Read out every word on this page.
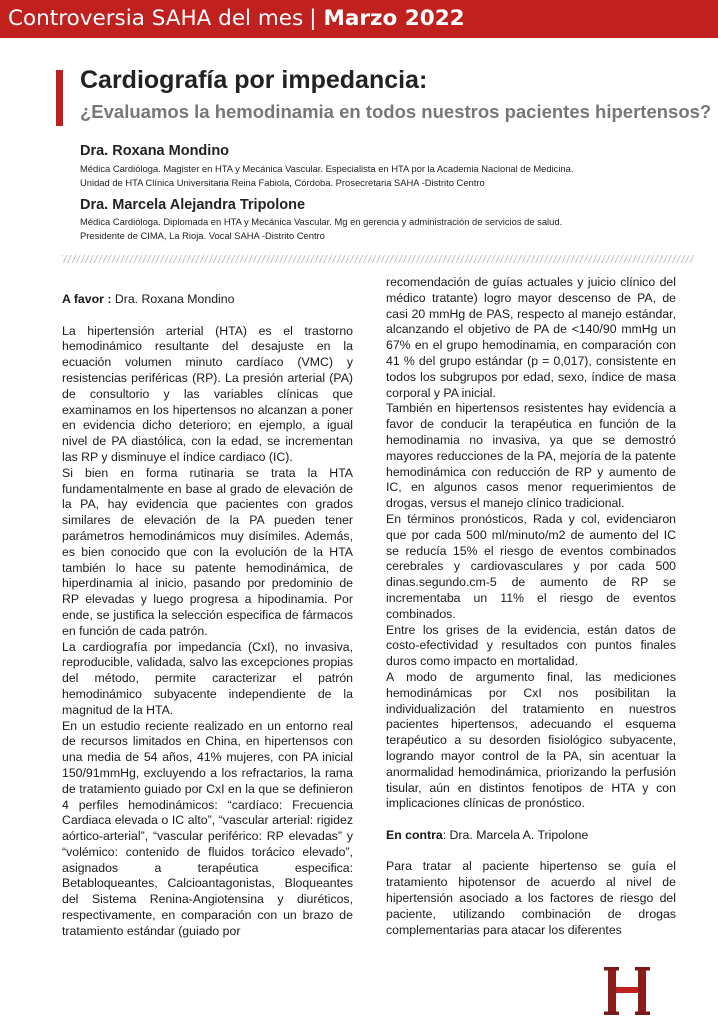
Controversia SAHA del mes | Marzo 2022
Cardiografía por impedancia:
¿Evaluamos la hemodinamia en todos nuestros pacientes hipertensos?
Dra. Roxana Mondino
Médica Cardióloga. Magister en HTA y Mecánica Vascular. Especialista en HTA por la Academia Nacional de Medicina.
Unidad de HTA Clínica Universitaria Reina Fabiola, Córdoba. Prosecretaria SAHA -Distrito Centro
Dra. Marcela Alejandra Tripolone
Médica Cardióloga. Diplomada en HTA y Mecánica Vascular. Mg en gerencia y administración de servicios de salud.
Presidente de CIMA, La Rioja. Vocal SAHA -Distrito Centro

A favor : Dra. Roxana Mondino

La hipertensión arterial (HTA) es el trastorno hemodinámico resultante del desajuste en la ecuación volumen minuto cardíaco (VMC) y resistencias periféricas (RP). La presión arterial (PA) de consultorio y las variables clínicas que examinamos en los hipertensos no alcanzan a poner en evidencia dicho deterioro; en ejemplo, a igual nivel de PA diastólica, con la edad, se incrementan las RP y disminuye el índice cardiaco (IC).

Si bien en forma rutinaria se trata la HTA fundamentalmente en base al grado de elevación de la PA, hay evidencia que pacientes con grados similares de elevación de la PA pueden tener parámetros hemodinámicos muy disímiles. Además, es bien conocido que con la evolución de la HTA también lo hace su patente hemodinámica, de hiperdinamia al inicio, pasando por predominio de RP elevadas y luego progresa a hipodinamia. Por ende, se justifica la selección especifica de fármacos en función de cada patrón.

La cardiografía por impedancia (CxI), no invasiva, reproducible, validada, salvo las excepciones propias del método, permite caracterizar el patrón hemodinámico subyacente independiente de la magnitud de la HTA.

En un estudio reciente realizado en un entorno real de recursos limitados en China, en hipertensos con una media de 54 años, 41% mujeres, con PA inicial 150/91mmHg, excluyendo a los refractarios, la rama de tratamiento guiado por CxI en la que se definieron 4 perfiles hemodinámicos: “cardíaco: Frecuencia Cardiaca elevada o IC alto”, “vascular arterial: rigidez aórtico-arterial”, “vascular periférico: RP elevadas” y “volémico: contenido de fluidos torácico elevado”, asignados a terapéutica especifica: Betabloqueantes, Calcioantagonistas, Bloqueantes del Sistema Renina-Angiotensina y diuréticos, respectivamente, en comparación con un brazo de tratamiento estándar (guiado por

recomendación de guías actuales y juicio clínico del médico tratante) logro mayor descenso de PA, de casi 20 mmHg de PAS, respecto al manejo estándar, alcanzando el objetivo de PA de <140/90 mmHg un 67% en el grupo hemodinamia, en comparación con 41 % del grupo estándar (p = 0,017), consistente en todos los subgrupos por edad, sexo, índice de masa corporal y PA inicial.

También en hipertensos resistentes hay evidencia a favor de conducir la terapéutica en función de la hemodinamia no invasiva, ya que se demostró mayores reducciones de la PA, mejoría de la patente hemodinámica con reducción de RP y aumento de IC, en algunos casos menor requerimientos de drogas, versus el manejo clínico tradicional.

En términos pronósticos, Rada y col, evidenciaron que por cada 500 ml/minuto/m2 de aumento del IC se reducía 15% el riesgo de eventos combinados cerebrales y cardiovasculares y por cada 500 dinas.segundo.cm-5 de aumento de RP se incrementaba un 11% el riesgo de eventos combinados.

Entre los grises de la evidencia, están datos de costo-efectividad y resultados con puntos finales duros como impacto en mortalidad.

A modo de argumento final, las mediciones hemodinámicas por CxI nos posibilitan la individualización del tratamiento en nuestros pacientes hipertensos, adecuando el esquema terapéutico a su desorden fisiológico subyacente, logrando mayor control de la PA, sin acentuar la anormalidad hemodinámica, priorizando la perfusión tisular, aún en distintos fenotipos de HTA y con implicaciones clínicas de pronóstico.

En contra: Dra. Marcela A. Tripolone

Para tratar al paciente hipertenso se guía el tratamiento hipotensor de acuerdo al nivel de hipertensión asociado a los factores de riesgo del paciente, utilizando combinación de drogas complementarias para atacar los diferentes
